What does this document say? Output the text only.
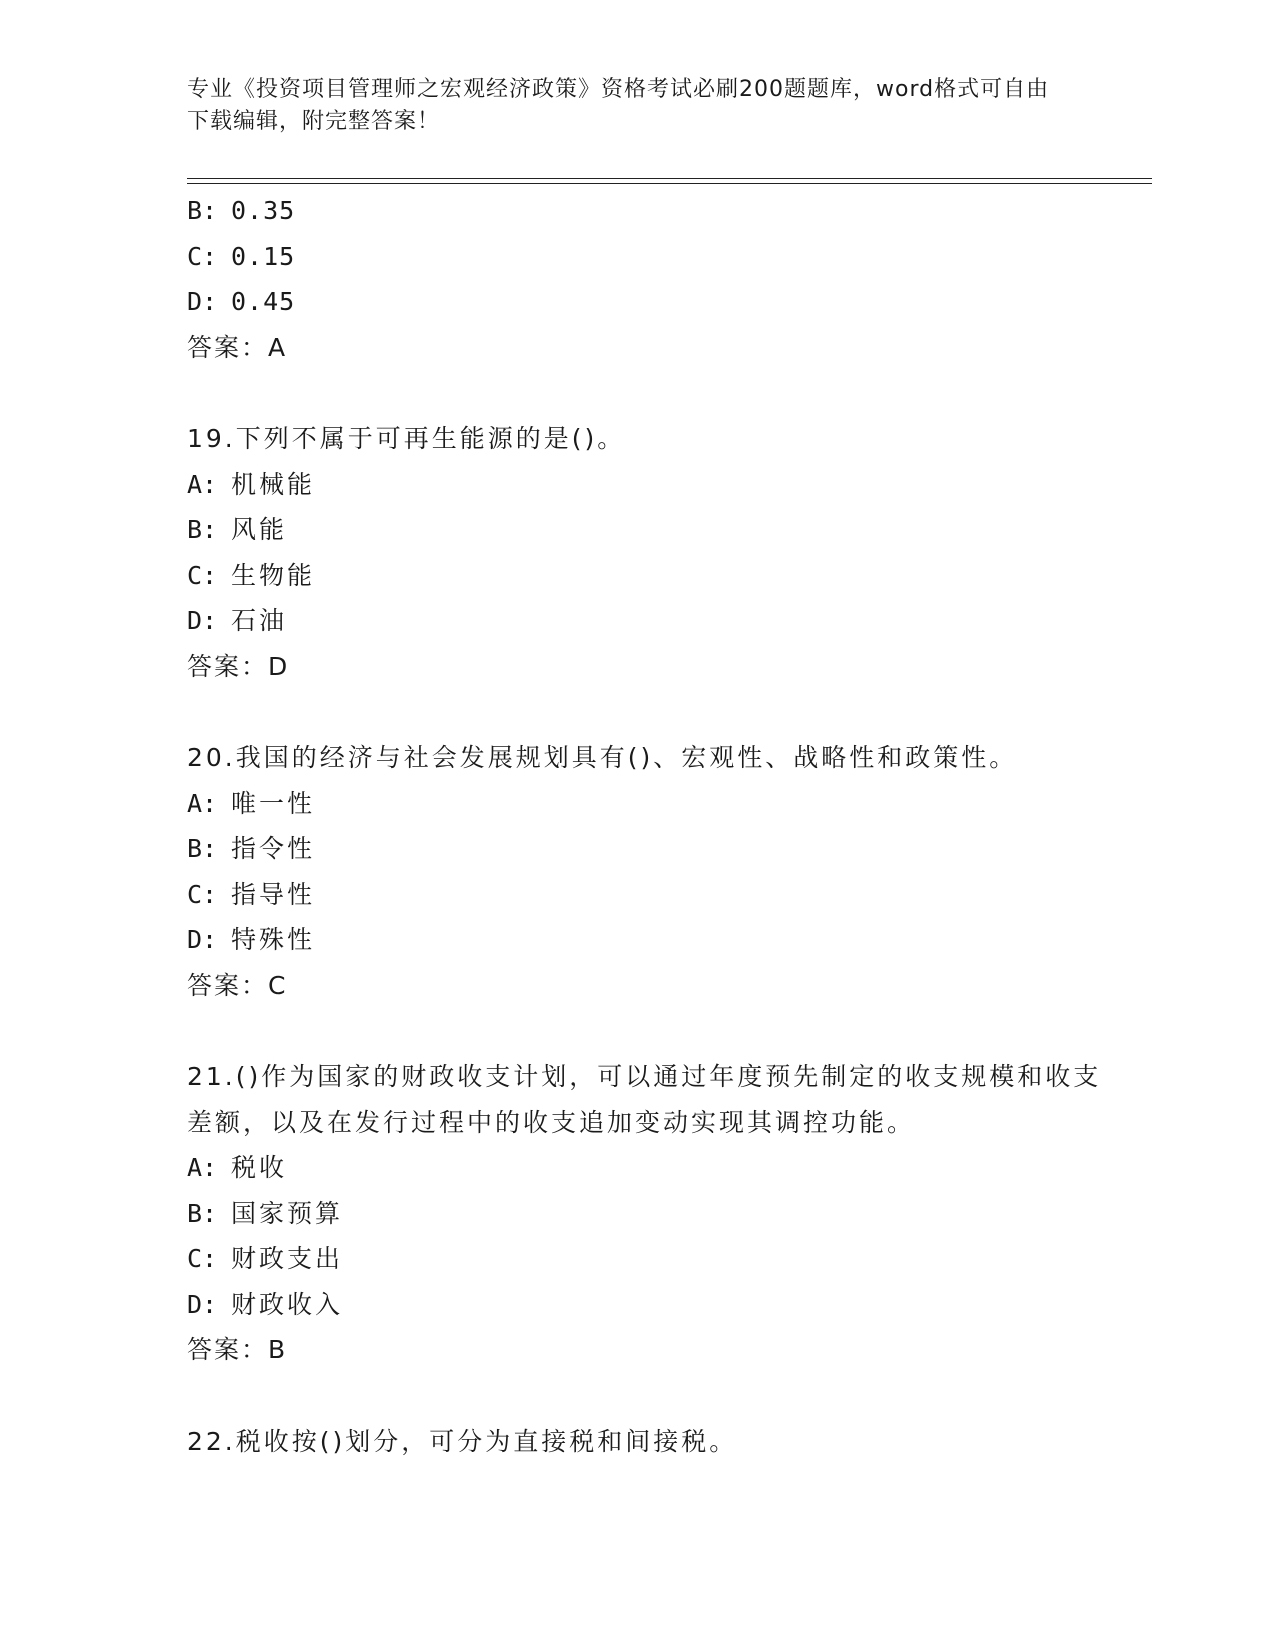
专业《投资项目管理师之宏观经济政策》资格考试必刷200题题库，word格式可自由下载编辑，附完整答案！
B: 0.35
C: 0.15
D: 0.45
答案：A
19.下列不属于可再生能源的是()。
A: 机械能
B: 风能
C: 生物能
D: 石油
答案：D
20.我国的经济与社会发展规划具有()、宏观性、战略性和政策性。
A: 唯一性
B: 指令性
C: 指导性
D: 特殊性
答案：C
21.()作为国家的财政收支计划，可以通过年度预先制定的收支规模和收支差额，以及在发行过程中的收支追加变动实现其调控功能。
A: 税收
B: 国家预算
C: 财政支出
D: 财政收入
答案：B
22.税收按()划分，可分为直接税和间接税。
